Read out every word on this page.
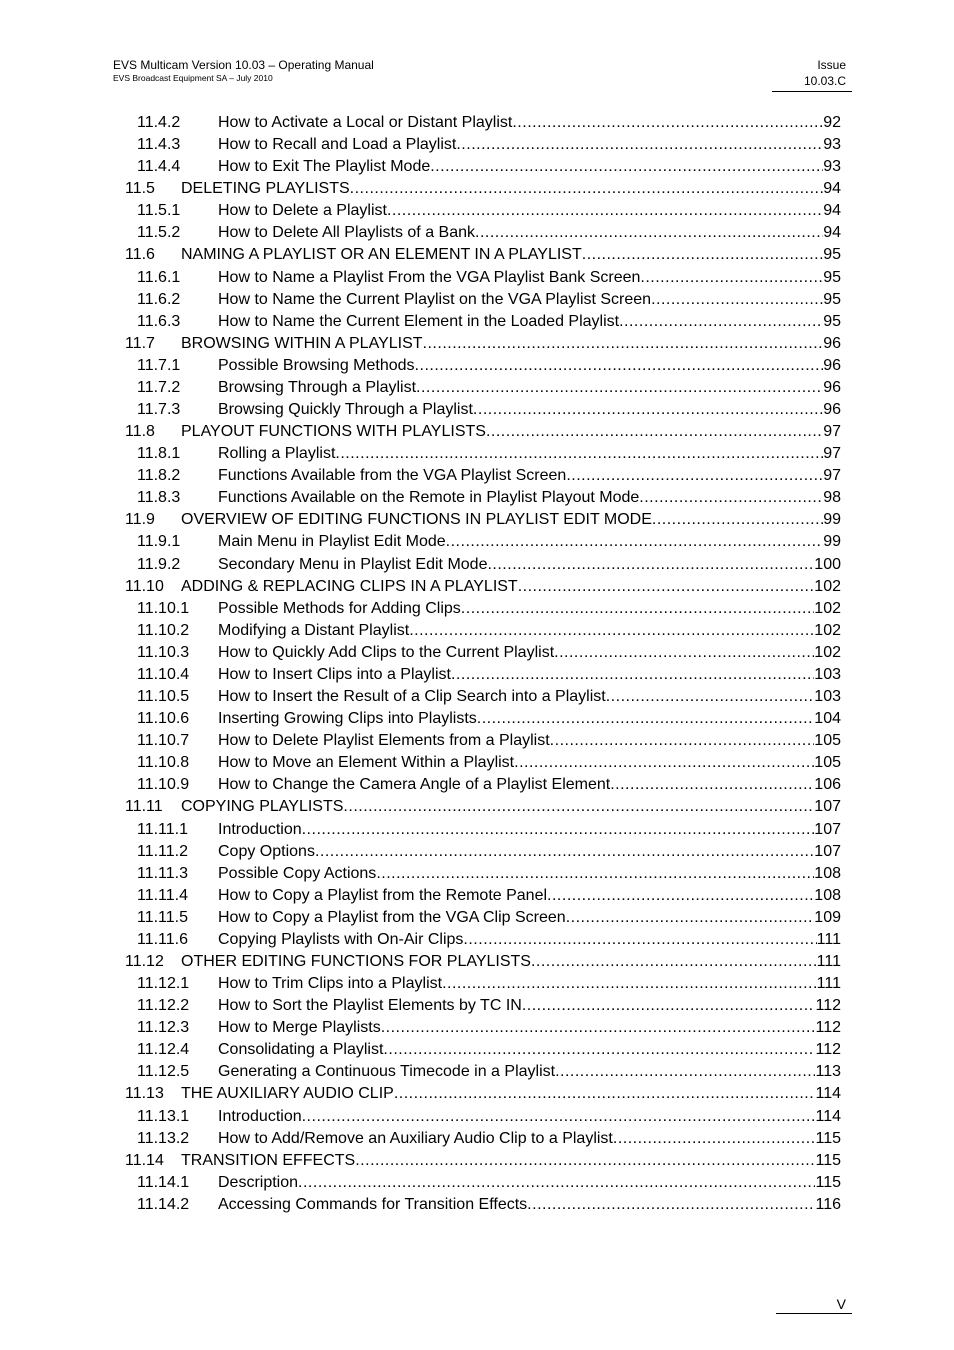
EVS Multicam Version 10.03 – Operating Manual
EVS Broadcast Equipment SA – July 2010
Issue
10.03.C
11.4.2	How to Activate a Local or Distant Playlist .....	92
11.4.3	How to Recall and Load a Playlist .....	93
11.4.4	How to Exit The Playlist Mode .....	93
11.5	DELETING PLAYLISTS .....	94
11.5.1	How to Delete a Playlist .....	94
11.5.2	How to Delete All Playlists of a Bank .....	94
11.6	NAMING A PLAYLIST OR AN ELEMENT IN A PLAYLIST .....	95
11.6.1	How to Name a Playlist From the VGA Playlist Bank Screen .....	95
11.6.2	How to Name the Current Playlist on the VGA Playlist Screen .....	95
11.6.3	How to Name the Current Element in the Loaded Playlist .....	95
11.7	BROWSING WITHIN A PLAYLIST .....	96
11.7.1	Possible Browsing Methods .....	96
11.7.2	Browsing Through a Playlist .....	96
11.7.3	Browsing Quickly Through a Playlist .....	96
11.8	PLAYOUT FUNCTIONS WITH PLAYLISTS .....	97
11.8.1	Rolling a Playlist .....	97
11.8.2	Functions Available from the VGA Playlist Screen .....	97
11.8.3	Functions Available on the Remote in Playlist Playout Mode .....	98
11.9	OVERVIEW OF EDITING FUNCTIONS IN PLAYLIST EDIT MODE .....	99
11.9.1	Main Menu in Playlist Edit Mode .....	99
11.9.2	Secondary Menu in Playlist Edit Mode .....	100
11.10	ADDING & REPLACING CLIPS IN A PLAYLIST .....	102
11.10.1	Possible Methods for Adding Clips .....	102
11.10.2	Modifying a Distant Playlist .....	102
11.10.3	How to Quickly Add Clips to the Current Playlist .....	102
11.10.4	How to Insert Clips into a Playlist .....	103
11.10.5	How to Insert the Result of a Clip Search into a Playlist .....	103
11.10.6	Inserting Growing Clips into Playlists .....	104
11.10.7	How to Delete Playlist Elements from a Playlist .....	105
11.10.8	How to Move an Element Within a Playlist .....	105
11.10.9	How to Change the Camera Angle of a Playlist Element .....	106
11.11	COPYING PLAYLISTS .....	107
11.11.1	Introduction .....	107
11.11.2	Copy Options .....	107
11.11.3	Possible Copy Actions .....	108
11.11.4	How to Copy a Playlist from the Remote Panel .....	108
11.11.5	How to Copy a Playlist from the VGA Clip Screen .....	109
11.11.6	Copying Playlists with On-Air Clips .....	111
11.12	OTHER EDITING FUNCTIONS FOR PLAYLISTS .....	111
11.12.1	How to Trim Clips into a Playlist .....	111
11.12.2	How to Sort the Playlist Elements by TC IN .....	112
11.12.3	How to Merge Playlists .....	112
11.12.4	Consolidating a Playlist .....	112
11.12.5	Generating a Continuous Timecode in a Playlist .....	113
11.13	THE AUXILIARY AUDIO CLIP .....	114
11.13.1	Introduction .....	114
11.13.2	How to Add/Remove an Auxiliary Audio Clip to a Playlist .....	115
11.14	TRANSITION EFFECTS .....	115
11.14.1	Description .....	115
11.14.2	Accessing Commands for Transition Effects .....	116
V
